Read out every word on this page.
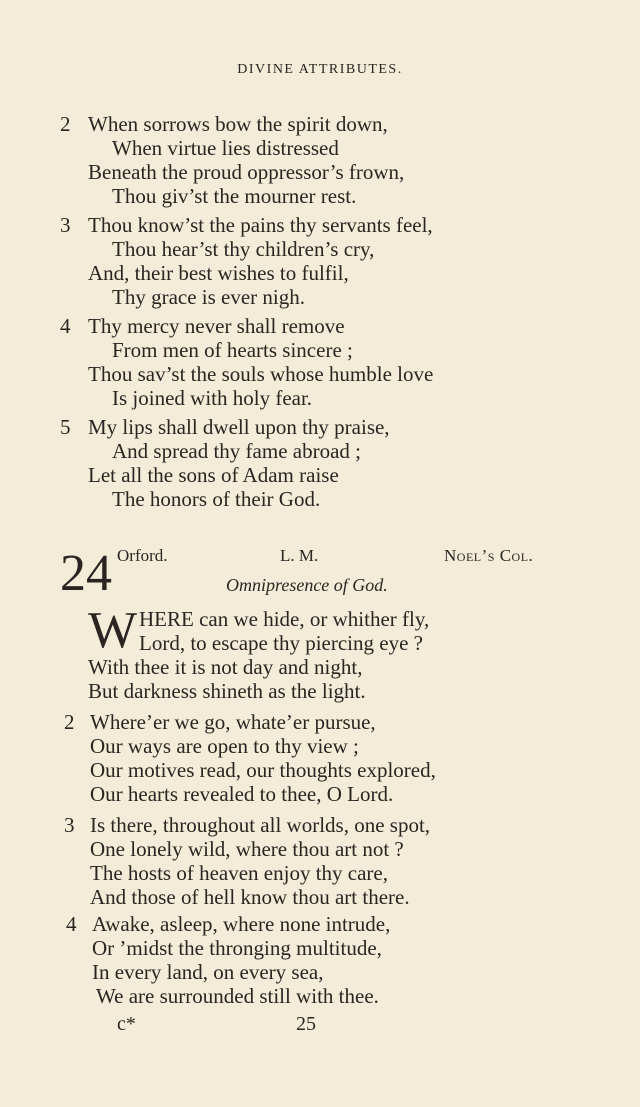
DIVINE ATTRIBUTES.
2 When sorrows bow the spirit down,
When virtue lies distressed
Beneath the proud oppressor’s frown,
Thou giv’st the mourner rest.
3 Thou know’st the pains thy servants feel,
Thou hear’st thy children’s cry,
And, their best wishes to fulfil,
Thy grace is ever nigh.
4 Thy mercy never shall remove
From men of hearts sincere ;
Thou sav’st the souls whose humble love
Is joined with holy fear.
5 My lips shall dwell upon thy praise,
And spread thy fame abroad ;
Let all the sons of Adam raise
The honors of their God.
24 Orford.	L. M.	Noel’s Col.
Omnipresence of God.
W HERE can we hide, or whither fly,
Lord, to escape thy piercing eye ?
With thee it is not day and night,
But darkness shineth as the light.
2 Where’er we go, whate’er pursue,
Our ways are open to thy view ;
Our motives read, our thoughts explored,
Our hearts revealed to thee, O Lord.
3 Is there, throughout all worlds, one spot,
One lonely wild, where thou art not ?
The hosts of heaven enjoy thy care,
And those of hell know thou art there.
4 Awake, asleep, where none intrude,
Or ’midst the thronging multitude,
In every land, on every sea,
We are surrounded still with thee.
c*	25
